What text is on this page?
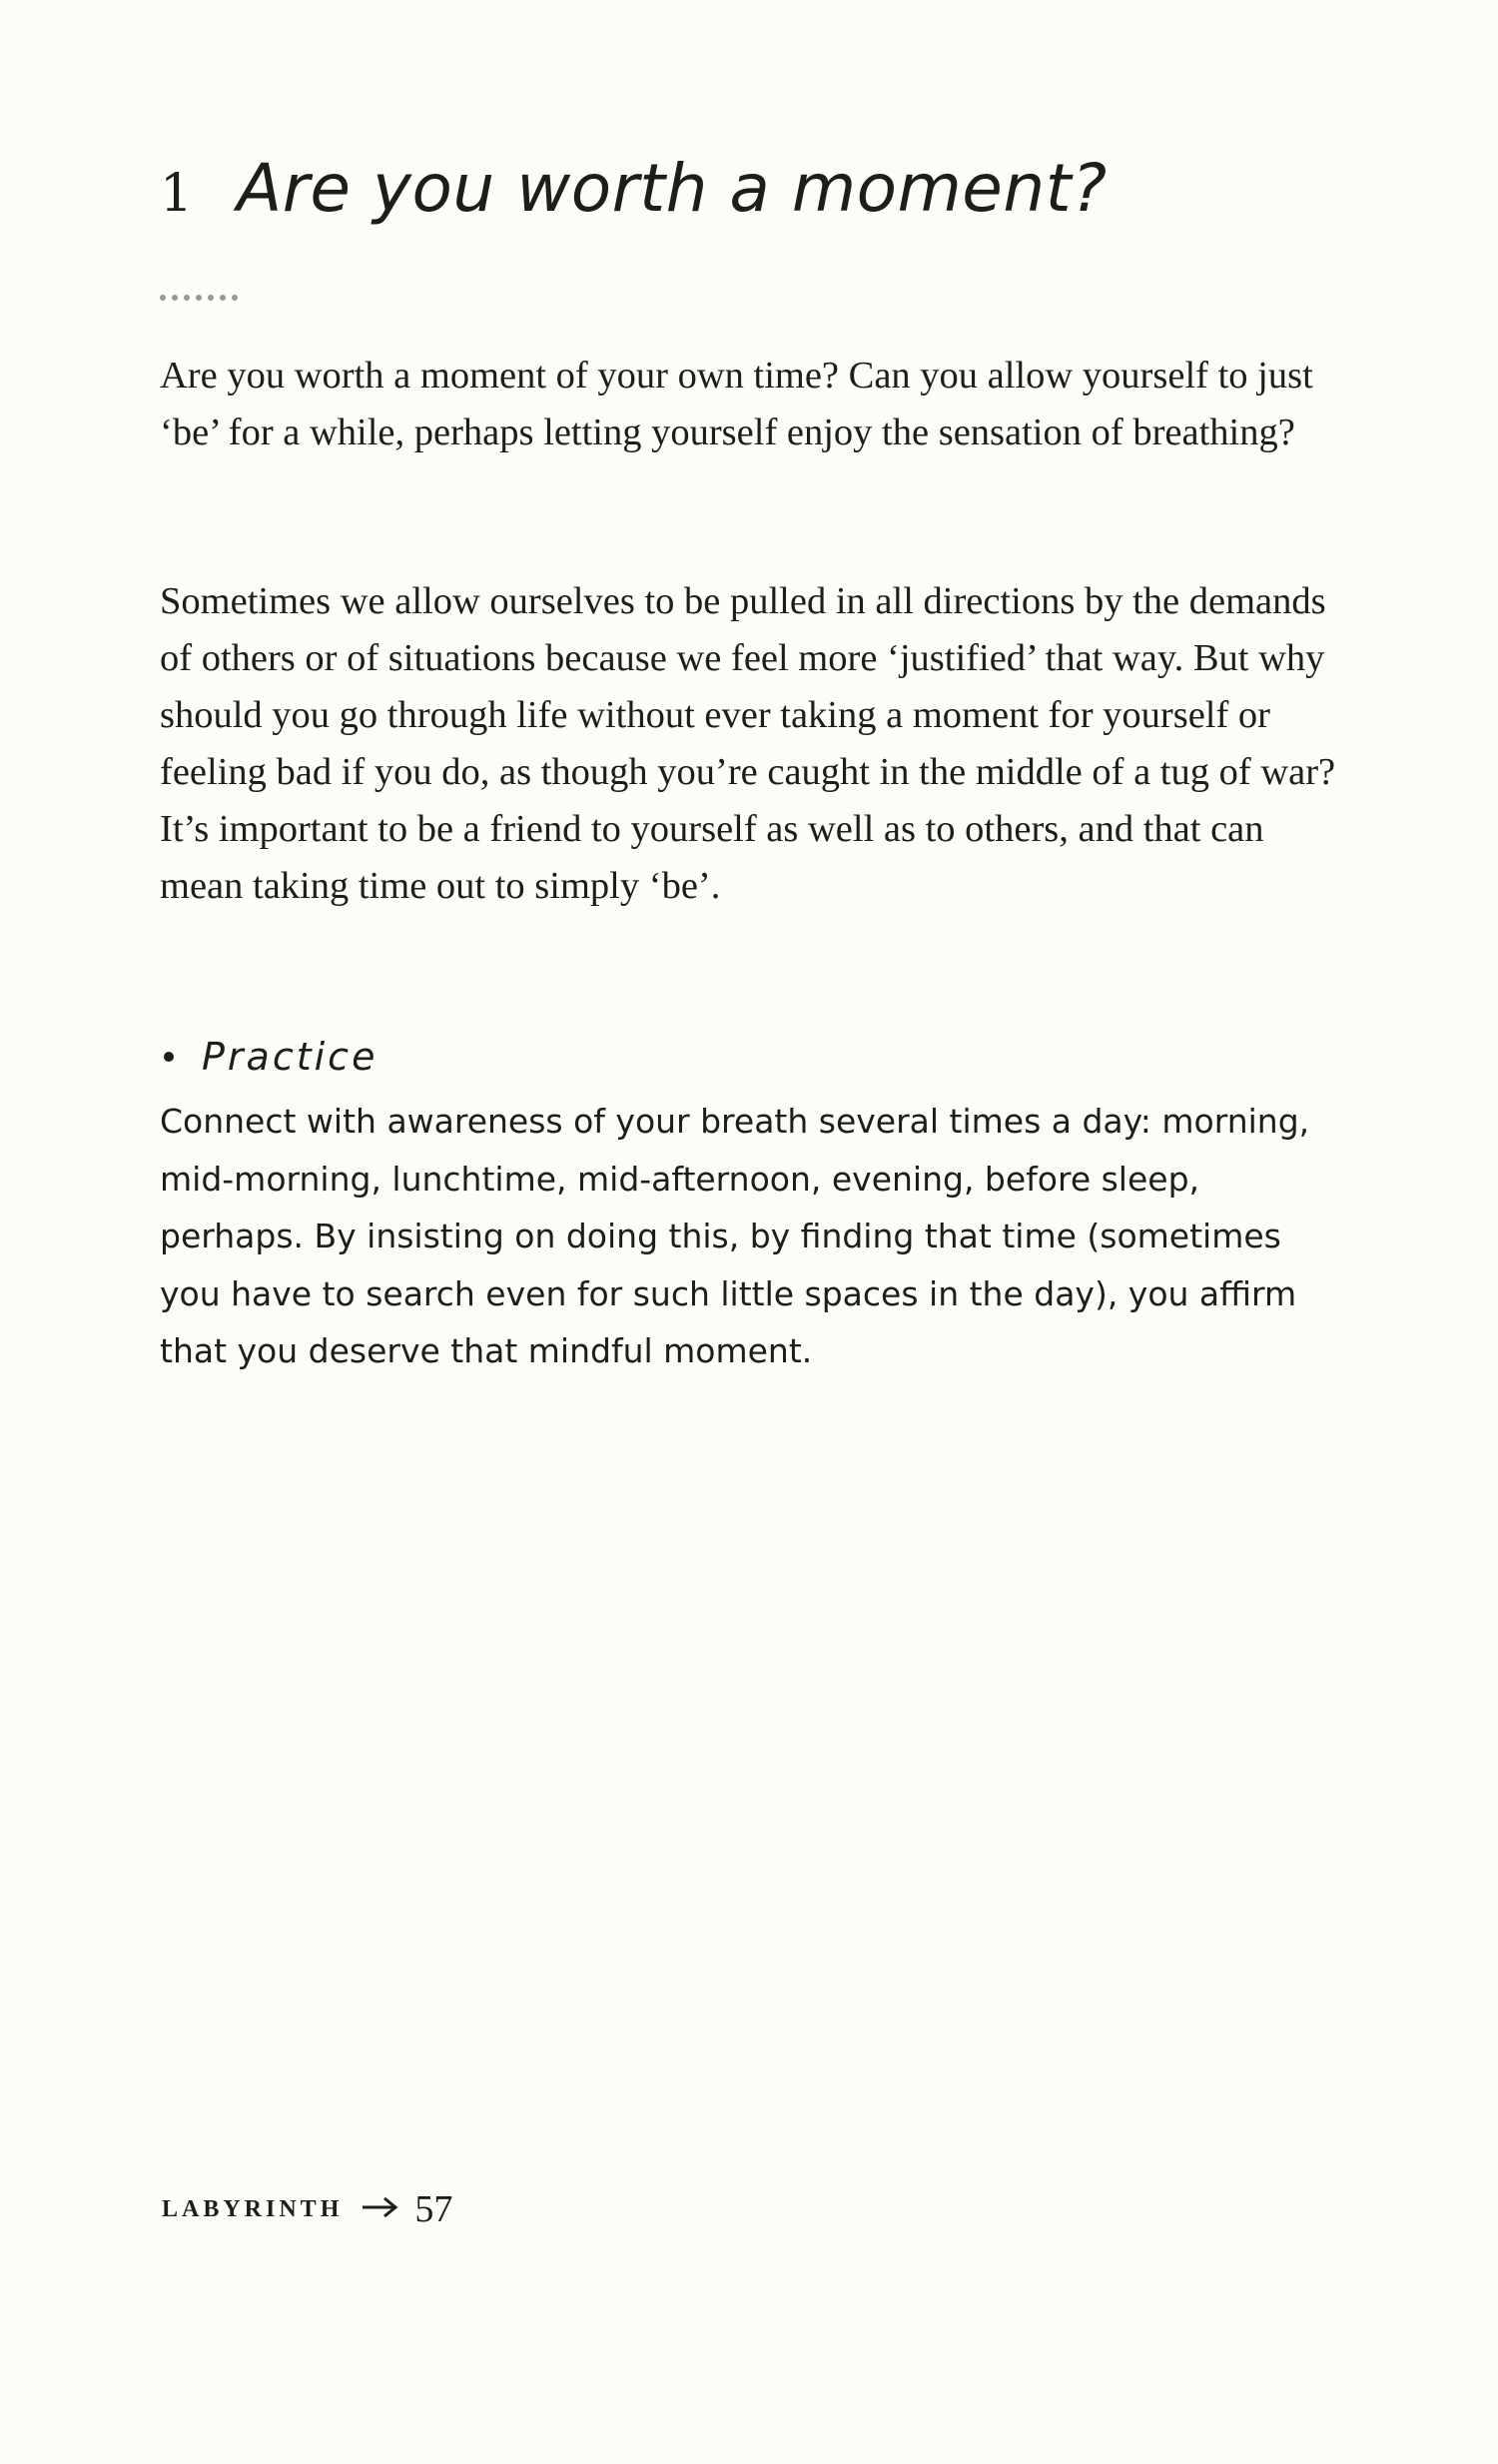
1 Are you worth a moment?
Are you worth a moment of your own time? Can you allow yourself to just ‘be’ for a while, perhaps letting yourself enjoy the sensation of breathing?
Sometimes we allow ourselves to be pulled in all directions by the demands of others or of situations because we feel more ‘justified’ that way. But why should you go through life without ever taking a moment for yourself or feeling bad if you do, as though you’re caught in the middle of a tug of war? It’s important to be a friend to yourself as well as to others, and that can mean taking time out to simply ‘be’.
Practice
Connect with awareness of your breath several times a day: morning, mid-morning, lunchtime, mid-afternoon, evening, before sleep, perhaps. By insisting on doing this, by finding that time (sometimes you have to search even for such little spaces in the day), you affirm that you deserve that mindful moment.
LABYRINTH 57
